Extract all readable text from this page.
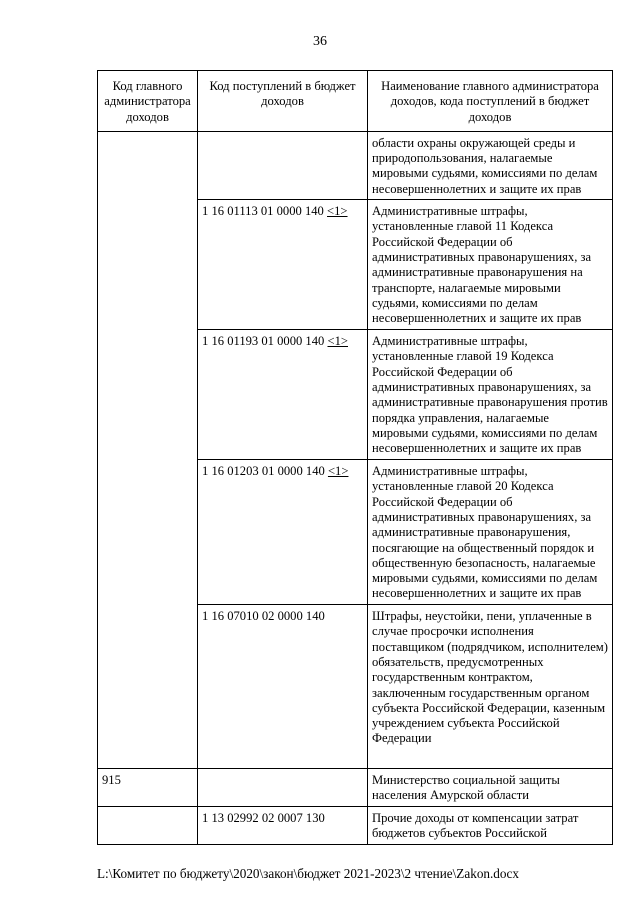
36
Код главного администратора доходов	Код поступлений в бюджет доходов	Наименование главного администратора доходов, кода поступлений в бюджет доходов
		области охраны окружающей среды и природопользования, налагаемые мировыми судьями, комиссиями по делам несовершеннолетних и защите их прав
	1 16 01113 01 0000 140 <1>	Административные штрафы, установленные главой 11 Кодекса Российской Федерации об административных правонарушениях, за административные правонарушения на транспорте, налагаемые мировыми судьями, комиссиями по делам несовершеннолетних и защите их прав
	1 16 01193 01 0000 140 <1>	Административные штрафы, установленные главой 19 Кодекса Российской Федерации об административных правонарушениях, за административные правонарушения против порядка управления, налагаемые мировыми судьями, комиссиями по делам несовершеннолетних и защите их прав
	1 16 01203 01 0000 140 <1>	Административные штрафы, установленные главой 20 Кодекса Российской Федерации об административных правонарушениях, за административные правонарушения, посягающие на общественный порядок и общественную безопасность, налагаемые мировыми судьями, комиссиями по делам несовершеннолетних и защите их прав
	1 16 07010 02 0000 140	Штрафы, неустойки, пени, уплаченные в случае просрочки исполнения поставщиком (подрядчиком, исполнителем) обязательств, предусмотренных государственным контрактом, заключенным государственным органом субъекта Российской Федерации, казенным учреждением субъекта Российской Федерации
915		Министерство социальной защиты населения Амурской области
	1 13 02992 02 0007 130	Прочие доходы от компенсации затрат бюджетов субъектов Российской
L:\Комитет по бюджету\2020\закон\бюджет 2021-2023\2 чтение\Zakon.docx
